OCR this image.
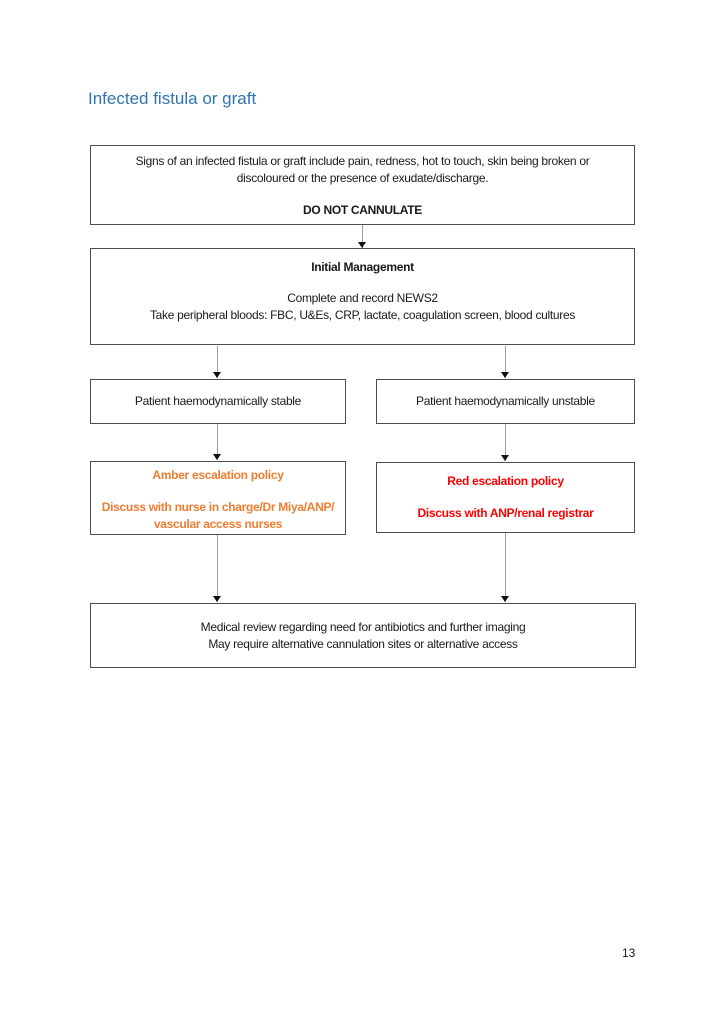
Infected fistula or graft
Signs of an infected fistula or graft include pain, redness, hot to touch, skin being broken or
discoloured or the presence of exudate/discharge.
DO NOT CANNULATE
Initial Management
Complete and record NEWS2
Take peripheral bloods: FBC, U&Es, CRP, lactate, coagulation screen, blood cultures
Patient haemodynamically stable	Patient haemodynamically unstable
Amber escalation policy
Discuss with nurse in charge/Dr Miya/ANP/
vascular access nurses
Red escalation policy
Discuss with ANP/renal registrar
Medical review regarding need for antibiotics and further imaging
May require alternative cannulation sites or alternative access
13
